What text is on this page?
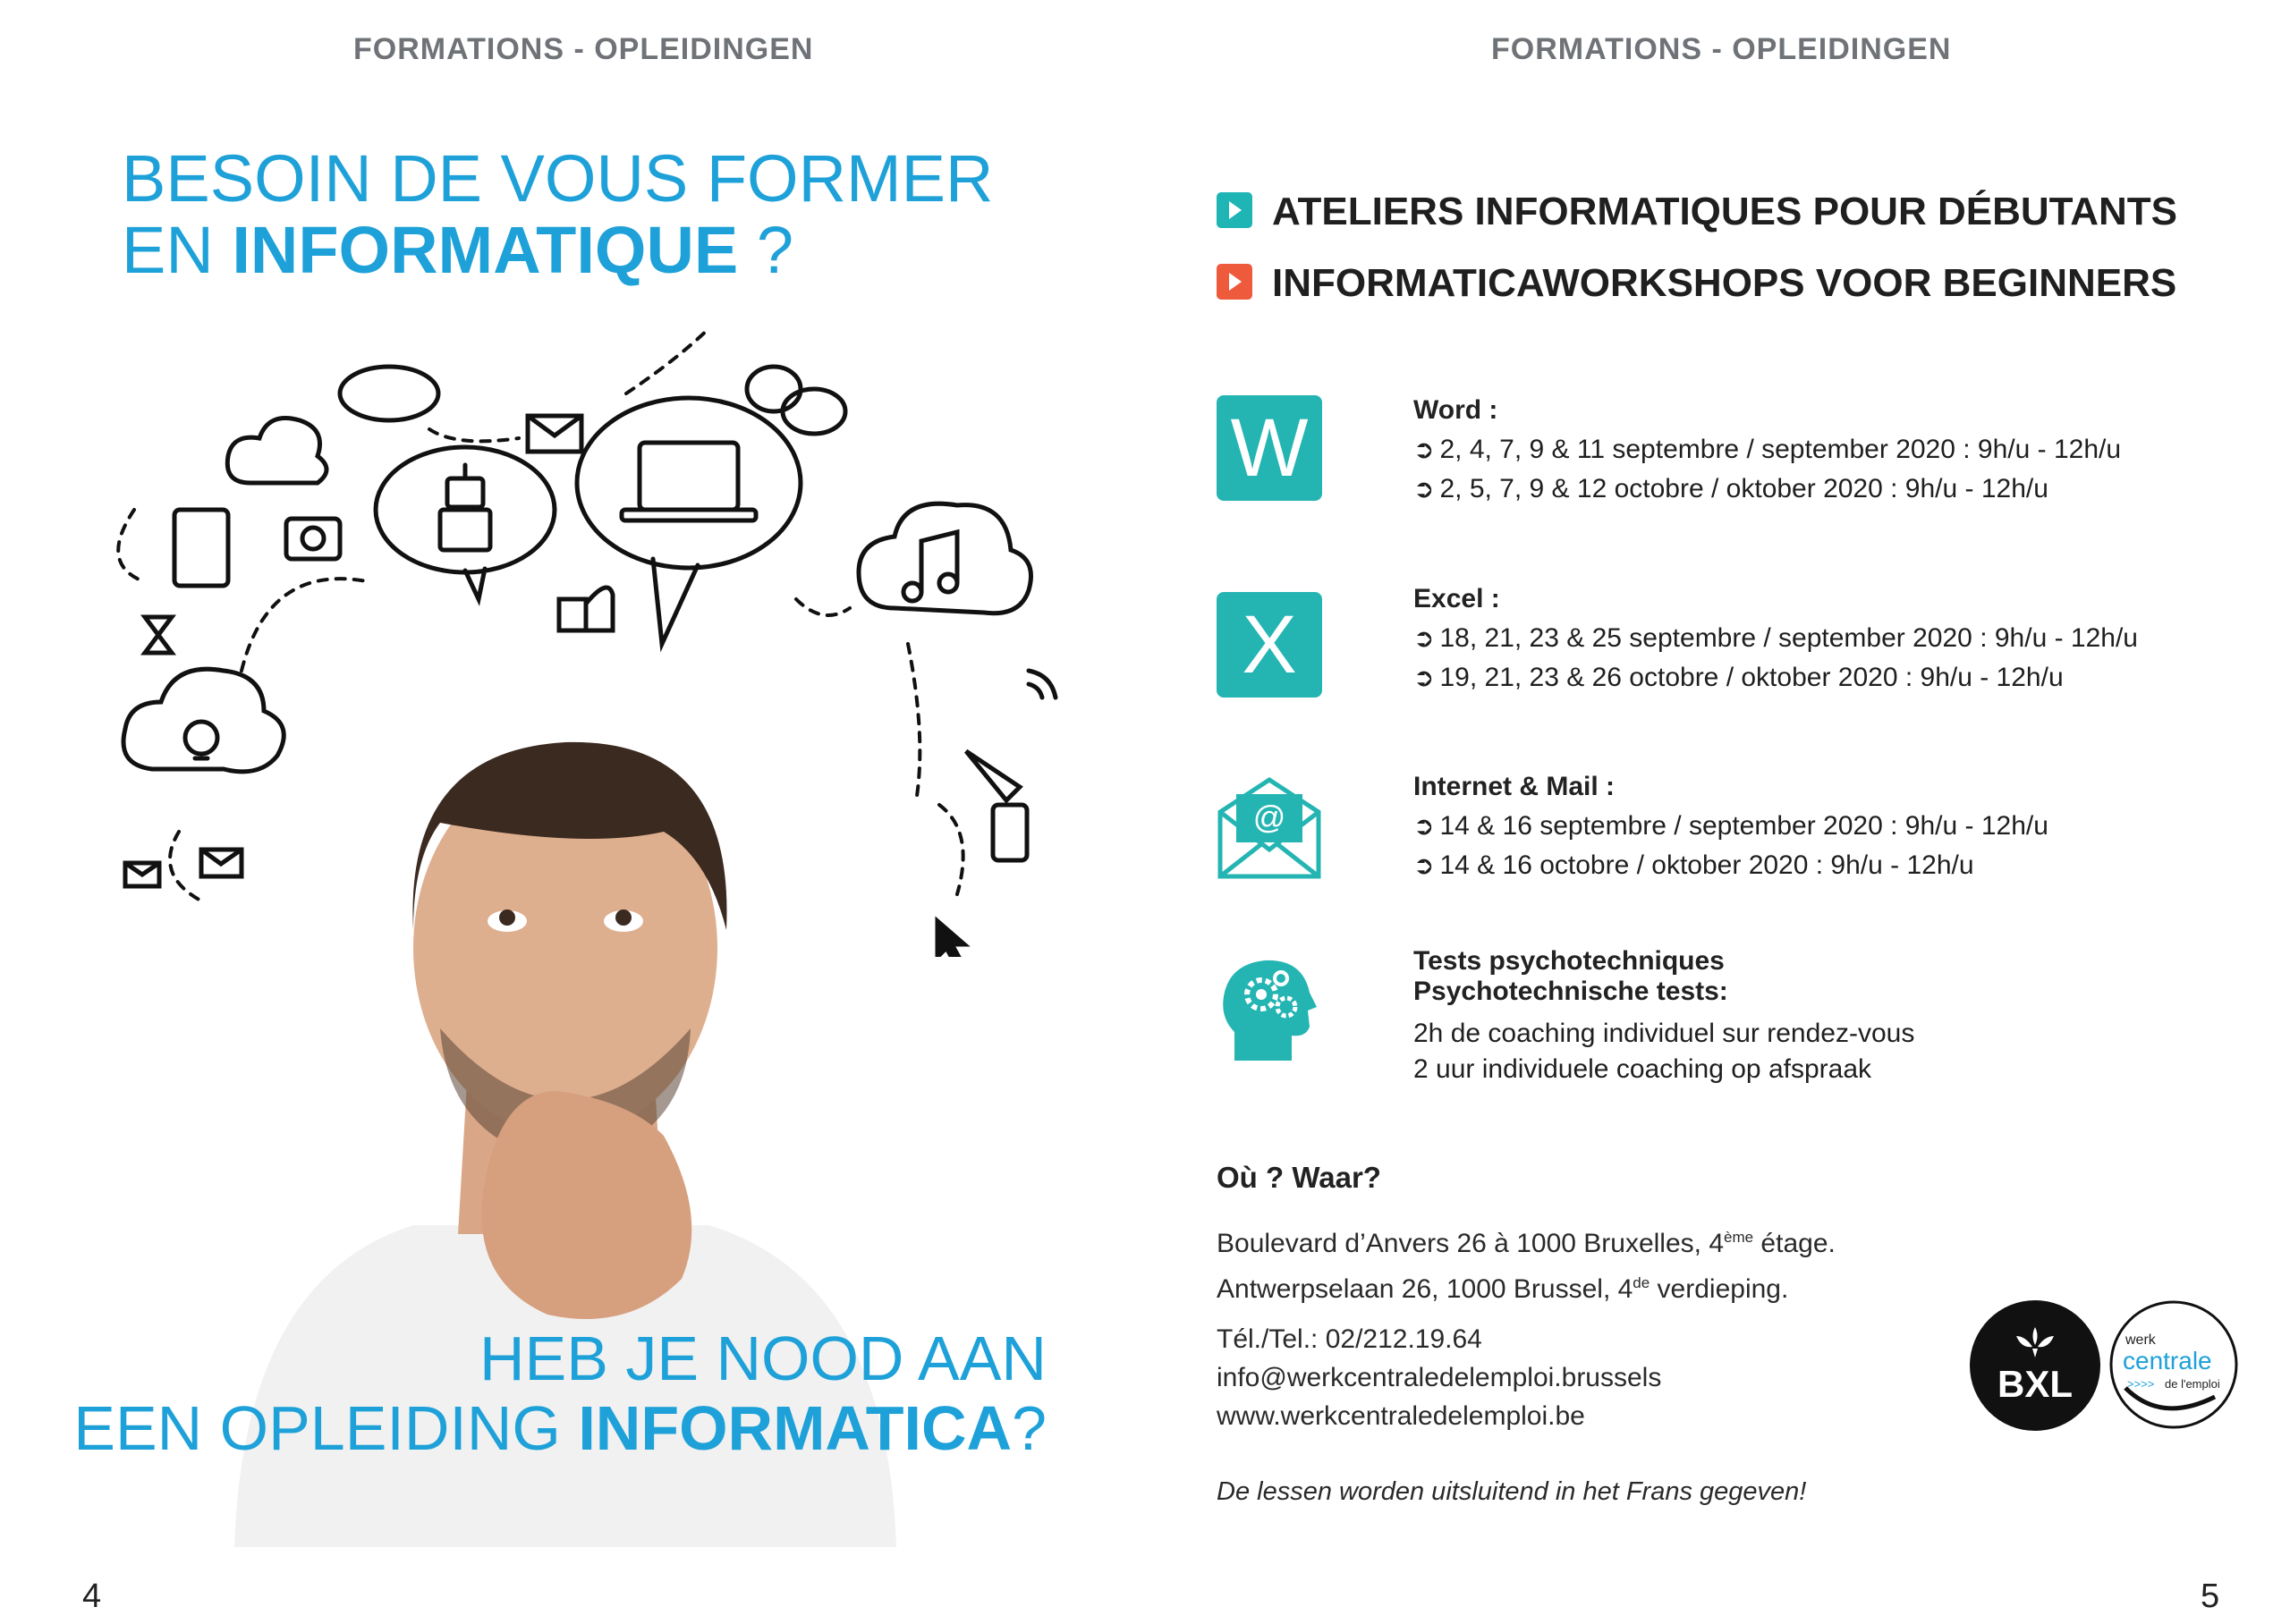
FORMATIONS - OPLEIDINGEN
BESOIN DE VOUS FORMER
EN INFORMATIQUE ?
HEB JE NOOD AAN
EEN OPLEIDING INFORMATICA?
4
FORMATIONS - OPLEIDINGEN
ATELIERS INFORMATIQUES POUR DÉBUTANTS
INFORMATICAWORKSHOPS VOOR BEGINNERS
W	Word :
➲ 2, 4, 7, 9 & 11 septembre / september 2020 : 9h/u - 12h/u
➲ 2, 5, 7, 9 & 12 octobre / oktober 2020 : 9h/u - 12h/u
X
Excel :
➲ 18, 21, 23 & 25 septembre / september 2020 : 9h/u - 12h/u
➲ 19, 21, 23 & 26 octobre / oktober 2020 : 9h/u - 12h/u
@
Internet & Mail :
➲ 14 & 16 septembre / september 2020 : 9h/u - 12h/u
➲ 14 & 16 octobre / oktober 2020 : 9h/u - 12h/u
Tests psychotechniques
Psychotechnische tests:
2h de coaching individuel sur rendez-vous
2 uur individuele coaching op afspraak
Où ? Waar?
Boulevard d’Anvers 26 à 1000 Bruxelles, 4ème étage.
Antwerpselaan 26, 1000 Brussel, 4de verdieping.
Tél./Tel.: 02/212.19.64
info@werkcentraledelemploi.brussels
www.werkcentraledelemploi.be
De lessen worden uitsluitend in het Frans gegeven!
BXL
werk
centrale
>>>> de l'emploi
5
